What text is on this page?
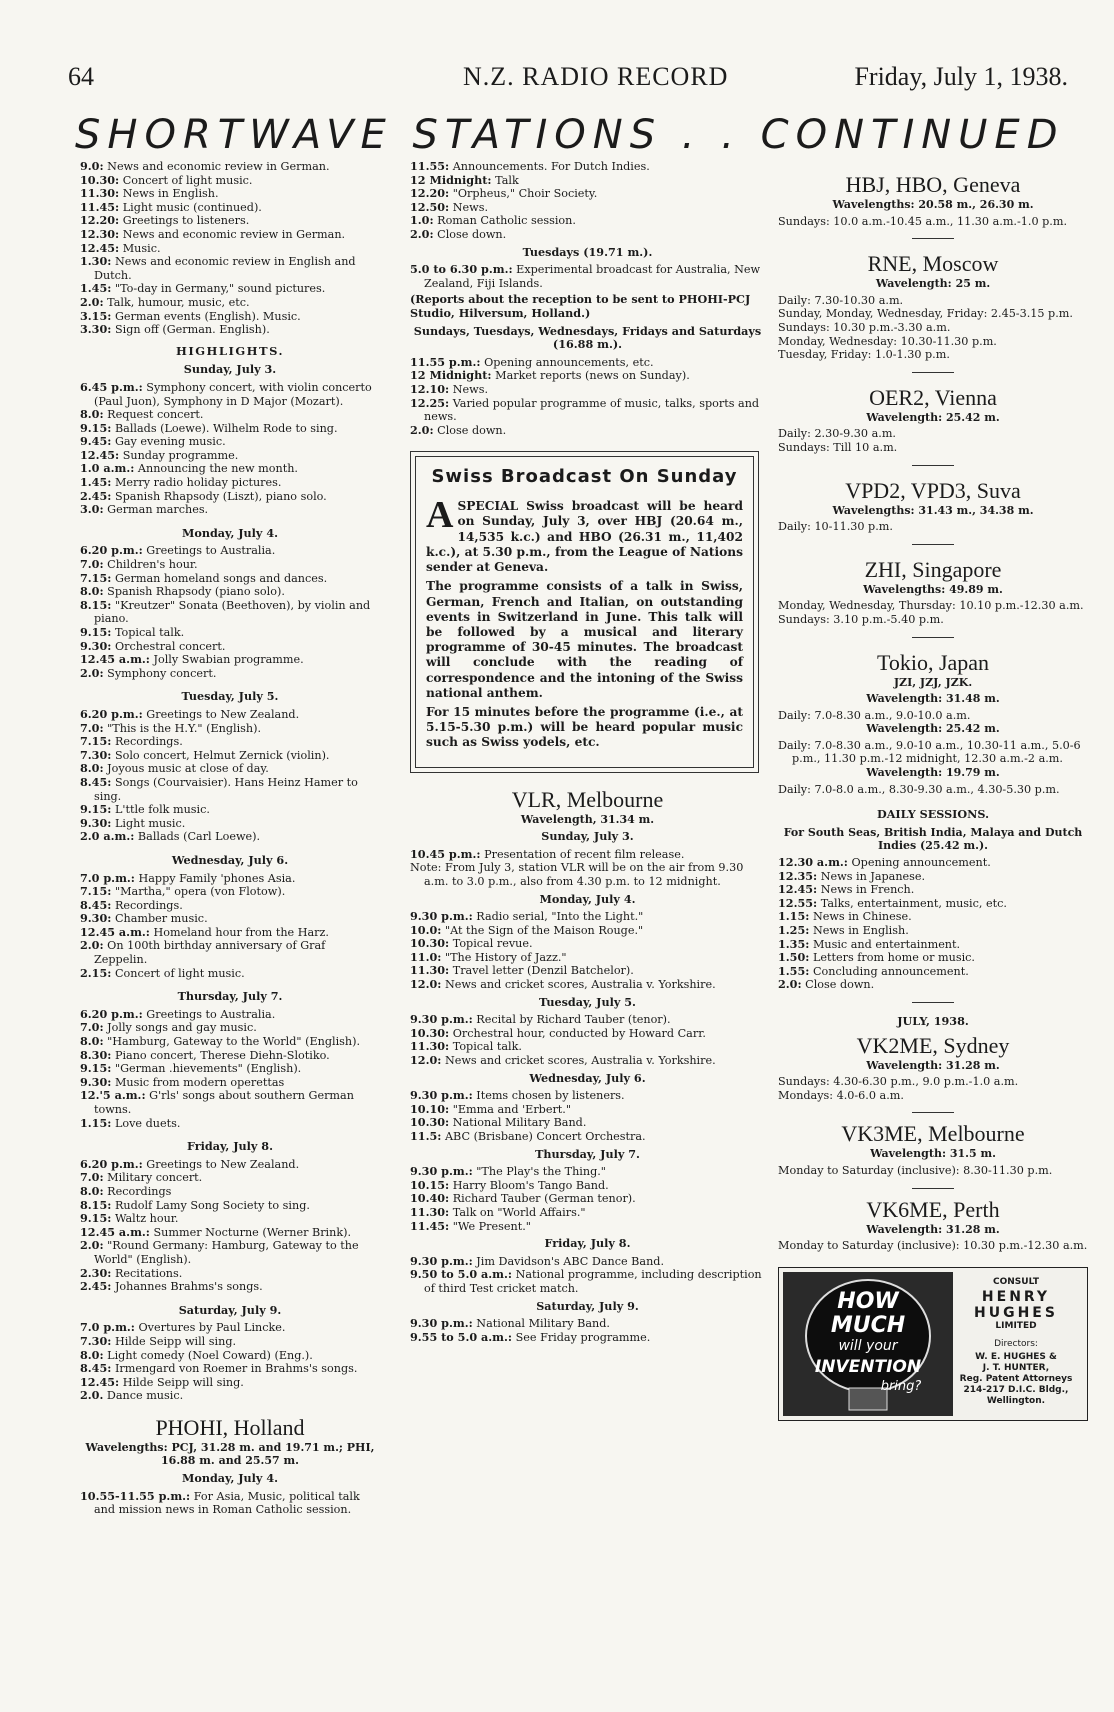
64	N.Z. RADIO RECORD	Friday, July 1, 1938.
SHORTWAVE STATIONS . . CONTINUED
9.0: News and economic review in German.
10.30: Concert of light music.
11.30: News in English.
11.45: Light music (continued).
12.20: Greetings to listeners.
12.30: News and economic review in German.
12.45: Music.
1.30: News and economic review in English and Dutch.
1.45: "To-day in Germany," sound pictures.
2.0: Talk, humour, music, etc.
3.15: German events (English). Music.
3.30: Sign off (German. English).
HIGHLIGHTS.
Sunday, July 3.
6.45 p.m.: Symphony concert, with violin concerto (Paul Juon), Symphony in D Major (Mozart).
8.0: Request concert.
9.15: Ballads (Loewe). Wilhelm Rode to sing.
9.45: Gay evening music.
12.45: Sunday programme.
1.0 a.m.: Announcing the new month.
1.45: Merry radio holiday pictures.
2.45: Spanish Rhapsody (Liszt), piano solo.
3.0: German marches.
Monday, July 4.
6.20 p.m.: Greetings to Australia.
7.0: Children's hour.
7.15: German homeland songs and dances.
8.0: Spanish Rhapsody (piano solo).
8.15: "Kreutzer" Sonata (Beethoven), by violin and piano.
9.15: Topical talk.
9.30: Orchestral concert.
12.45 a.m.: Jolly Swabian programme.
2.0: Symphony concert.
Tuesday, July 5.
6.20 p.m.: Greetings to New Zealand.
7.0: "This is the H.Y." (English).
7.15: Recordings.
7.30: Solo concert, Helmut Zernick (violin).
8.0: Joyous music at close of day.
8.45: Songs (Courvaisier). Hans Heinz Hamer to sing.
9.15: L'ttle folk music.
9.30: Light music.
2.0 a.m.: Ballads (Carl Loewe).
Wednesday, July 6.
7.0 p.m.: Happy Family 'phones Asia.
7.15: "Martha," opera (von Flotow).
8.45: Recordings.
9.30: Chamber music.
12.45 a.m.: Homeland hour from the Harz.
2.0: On 100th birthday anniversary of Graf Zeppelin.
2.15: Concert of light music.
Thursday, July 7.
6.20 p.m.: Greetings to Australia.
7.0: Jolly songs and gay music.
8.0: "Hamburg, Gateway to the World" (English).
8.30: Piano concert, Therese Diehn-Slotiko.
9.15: "German .hievements" (English).
9.30: Music from modern operettas
12.'5 a.m.: G'rls' songs about southern German towns.
1.15: Love duets.
Friday, July 8.
6.20 p.m.: Greetings to New Zealand.
7.0: Military concert.
8.0: Recordings
8.15: Rudolf Lamy Song Society to sing.
9.15: Waltz hour.
12.45 a.m.: Summer Nocturne (Werner Brink).
2.0: "Round Germany: Hamburg, Gateway to the World" (English).
2.30: Recitations.
2.45: Johannes Brahms's songs.
Saturday, July 9.
7.0 p.m.: Overtures by Paul Lincke.
7.30: Hilde Seipp will sing.
8.0: Light comedy (Noel Coward) (Eng.).
8.45: Irmengard von Roemer in Brahms's songs.
12.45: Hilde Seipp will sing.
2.0. Dance music.
PHOHI, Holland
Wavelengths: PCJ, 31.28 m. and 19.71 m.; PHI, 16.88 m. and 25.57 m.
Monday, July 4.
10.55-11.55 p.m.: For Asia, Music, political talk and mission news in Roman Catholic session.
11.55: Announcements. For Dutch Indies.
12 Midnight: Talk
12.20: "Orpheus," Choir Society.
12.50: News.
1.0: Roman Catholic session.
2.0: Close down.
Tuesdays (19.71 m.).
5.0 to 6.30 p.m.: Experimental broadcast for Australia, New Zealand, Fiji Islands.
(Reports about the reception to be sent to PHOHI-PCJ Studio, Hilversum, Holland.)
Sundays, Tuesdays, Wednesdays, Fridays and Saturdays (16.88 m.).
11.55 p.m.: Opening announcements, etc.
12 Midnight: Market reports (news on Sunday).
12.10: News.
12.25: Varied popular programme of music, talks, sports and news.
2.0: Close down.
Swiss Broadcast On Sunday

ASPECIAL Swiss broadcast will be heard on Sunday, July 3, over HBJ (20.64 m., 14,535 k.c.) and HBO (26.31 m., 11,402 k.c.), at 5.30 p.m., from the League of Nations sender at Geneva.

The programme consists of a talk in Swiss, German, French and Italian, on outstanding events in Switzerland in June. This talk will be followed by a musical and literary programme of 30-45 minutes. The broadcast will conclude with the reading of correspondence and the intoning of the Swiss national anthem.

For 15 minutes before the programme (i.e., at 5.15-5.30 p.m.) will be heard popular music such as Swiss yodels, etc.

VLR, Melbourne
Wavelength, 31.34 m.
Sunday, July 3.
10.45 p.m.: Presentation of recent film release.
Note: From July 3, station VLR will be on the air from 9.30 a.m. to 3.0 p.m., also from 4.30 p.m. to 12 midnight.
Monday, July 4.
9.30 p.m.: Radio serial, "Into the Light."
10.0: "At the Sign of the Maison Rouge."
10.30: Topical revue.
11.0: "The History of Jazz."
11.30: Travel letter (Denzil Batchelor).
12.0: News and cricket scores, Australia v. Yorkshire.
Tuesday, July 5.
9.30 p.m.: Recital by Richard Tauber (tenor).
10.30: Orchestral hour, conducted by Howard Carr.
11.30: Topical talk.
12.0: News and cricket scores, Australia v. Yorkshire.
Wednesday, July 6.
9.30 p.m.: Items chosen by listeners.
10.10: "Emma and 'Erbert."
10.30: National Military Band.
11.5: ABC (Brisbane) Concert Orchestra.
Thursday, July 7.
9.30 p.m.: "The Play's the Thing."
10.15: Harry Bloom's Tango Band.
10.40: Richard Tauber (German tenor).
11.30: Talk on "World Affairs."
11.45: "We Present."
Friday, July 8.
9.30 p.m.: Jim Davidson's ABC Dance Band.
9.50 to 5.0 a.m.: National programme, including description of third Test cricket match.
Saturday, July 9.
9.30 p.m.: National Military Band.
9.55 to 5.0 a.m.: See Friday programme.
HBJ, HBO, Geneva
Wavelengths: 20.58 m., 26.30 m.
Sundays: 10.0 a.m.-10.45 a.m., 11.30 a.m.-1.0 p.m.
RNE, Moscow
Wavelength: 25 m.
Daily: 7.30-10.30 a.m.
Sunday, Monday, Wednesday, Friday: 2.45-3.15 p.m.
Sundays: 10.30 p.m.-3.30 a.m.
Monday, Wednesday: 10.30-11.30 p.m.
Tuesday, Friday: 1.0-1.30 p.m.
OER2, Vienna
Wavelength: 25.42 m.
Daily: 2.30-9.30 a.m.
Sundays: Till 10 a.m.
VPD2, VPD3, Suva
Wavelengths: 31.43 m., 34.38 m.
Daily: 10-11.30 p.m.
ZHI, Singapore
Wavelengths: 49.89 m.
Monday, Wednesday, Thursday: 10.10 p.m.-12.30 a.m.
Sundays: 3.10 p.m.-5.40 p.m.
Tokio, Japan
JZI, JZJ, JZK.
Wavelength: 31.48 m.
Daily: 7.0-8.30 a.m., 9.0-10.0 a.m.
Wavelength: 25.42 m.
Daily: 7.0-8.30 a.m., 9.0-10 a.m., 10.30-11 a.m., 5.0-6 p.m., 11.30 p.m.-12 midnight, 12.30 a.m.-2 a.m.
Wavelength: 19.79 m.
Daily: 7.0-8.0 a.m., 8.30-9.30 a.m., 4.30-5.30 p.m.
DAILY SESSIONS.
For South Seas, British India, Malaya and Dutch Indies (25.42 m.).
12.30 a.m.: Opening announcement.
12.35: News in Japanese.
12.45: News in French.
12.55: Talks, entertainment, music, etc.
1.15: News in Chinese.
1.25: News in English.
1.35: Music and entertainment.
1.50: Letters from home or music.
1.55: Concluding announcement.
2.0: Close down.
JULY, 1938.
VK2ME, Sydney
Wavelength: 31.28 m.
Sundays: 4.30-6.30 p.m., 9.0 p.m.-1.0 a.m.
Mondays: 4.0-6.0 a.m.
VK3ME, Melbourne
Wavelength: 31.5 m.
Monday to Saturday (inclusive): 8.30-11.30 p.m.
VK6ME, Perth
Wavelength: 31.28 m.
Monday to Saturday (inclusive): 10.30 p.m.-12.30 a.m.
HOW
MUCH
will your
INVENTION
bring?
CONSULT
HENRY
HUGHES
LIMITED
Directors:
W. E. HUGHES &
J. T. HUNTER,
Reg. Patent Attorneys
214-217 D.I.C. Bldg.,
Wellington.
